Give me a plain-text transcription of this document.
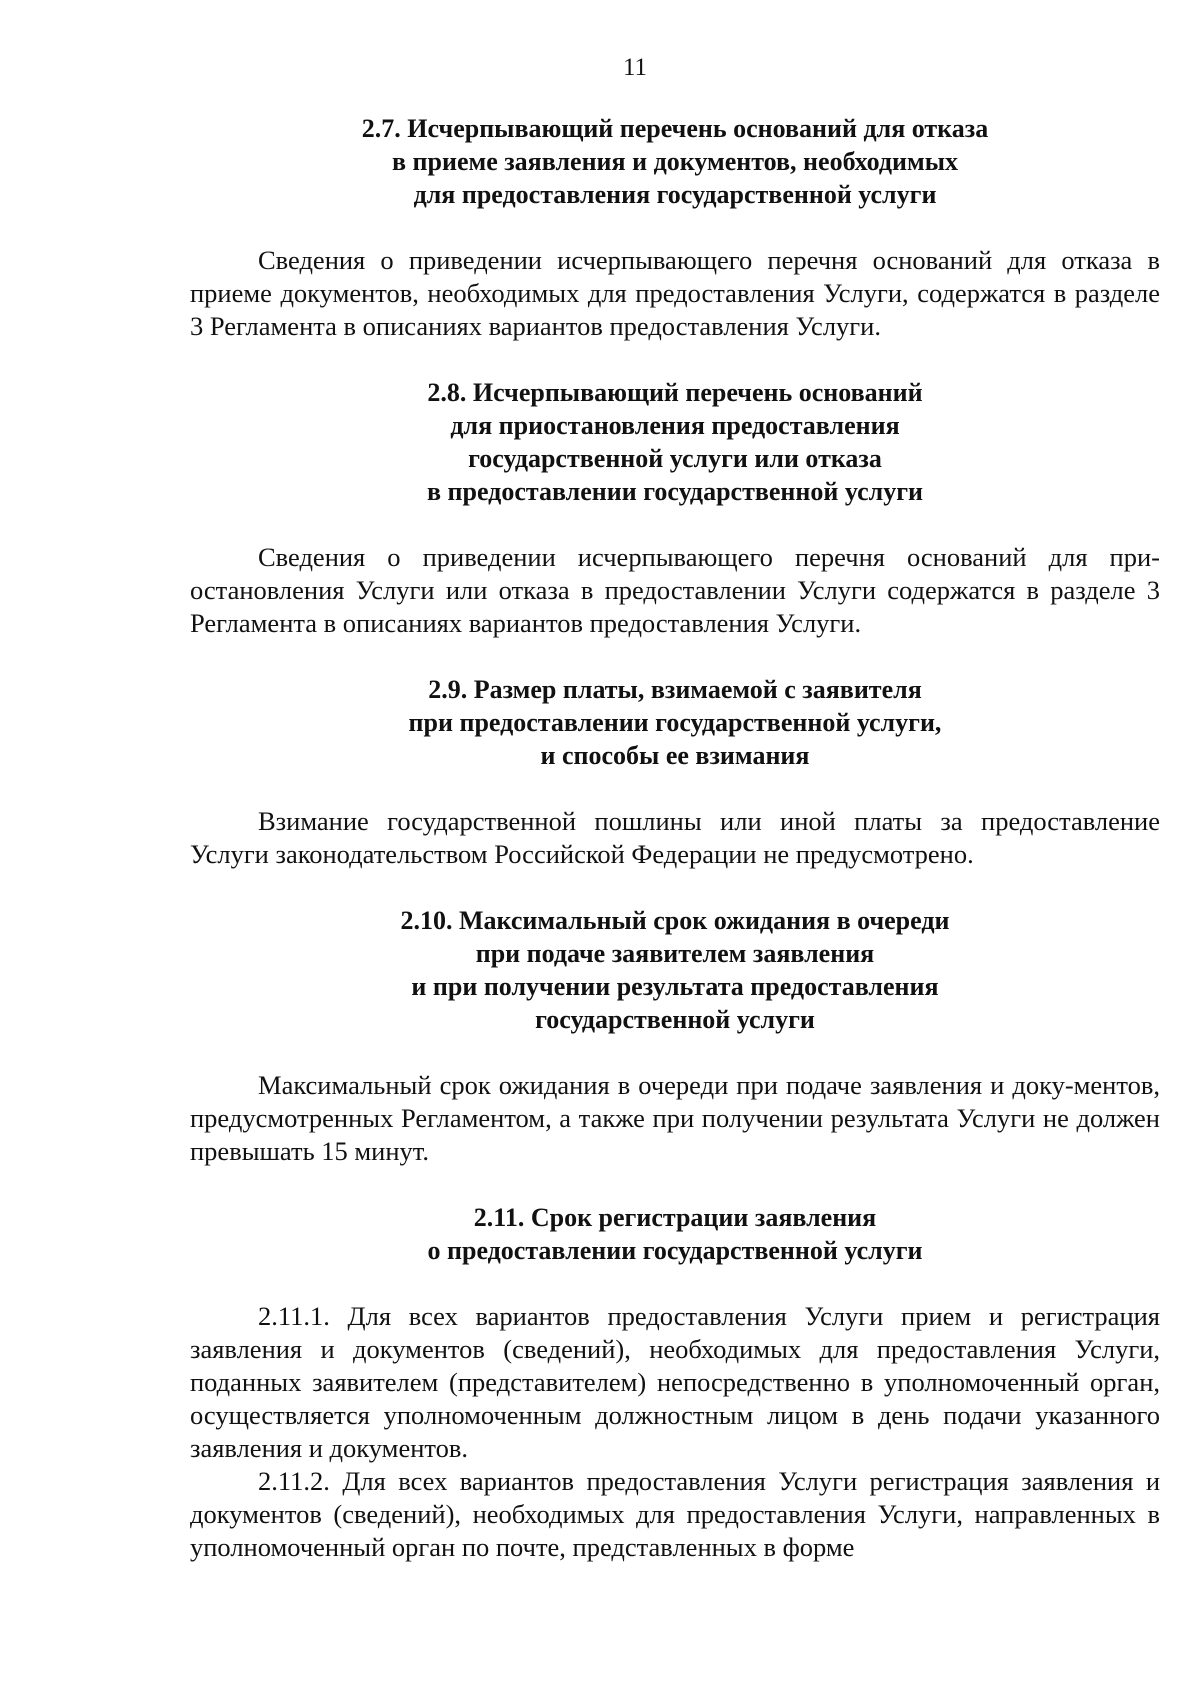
11
2.7. Исчерпывающий перечень оснований для отказа
в приеме заявления и документов, необходимых
для предоставления государственной услуги

Сведения о приведении исчерпывающего перечня оснований для отказа в приеме документов, необходимых для предоставления Услуги, содержатся в разделе 3 Регламента в описаниях вариантов предоставления Услуги.

2.8. Исчерпывающий перечень оснований
для приостановления предоставления
государственной услуги или отказа
в предоставлении государственной услуги

Сведения о приведении исчерпывающего перечня оснований для при-остановления Услуги или отказа в предоставлении Услуги содержатся в разделе 3 Регламента в описаниях вариантов предоставления Услуги.

2.9. Размер платы, взимаемой с заявителя
при предоставлении государственной услуги,
и способы ее взимания

Взимание государственной пошлины или иной платы за предоставление Услуги законодательством Российской Федерации не предусмотрено.

2.10. Максимальный срок ожидания в очереди
при подаче заявителем заявления
и при получении результата предоставления
государственной услуги

Максимальный срок ожидания в очереди при подаче заявления и доку-ментов, предусмотренных Регламентом, а также при получении результата Услуги не должен превышать 15 минут.

2.11. Срок регистрации заявления
о предоставлении государственной услуги

2.11.1. Для всех вариантов предоставления Услуги прием и регистрация заявления и документов (сведений), необходимых для предоставления Услуги, поданных заявителем (представителем) непосредственно в уполномоченный орган, осуществляется уполномоченным должностным лицом в день подачи указанного заявления и документов.

2.11.2. Для всех вариантов предоставления Услуги регистрация заявления и документов (сведений), необходимых для предоставления Услуги, направленных в уполномоченный орган по почте, представленных в форме
